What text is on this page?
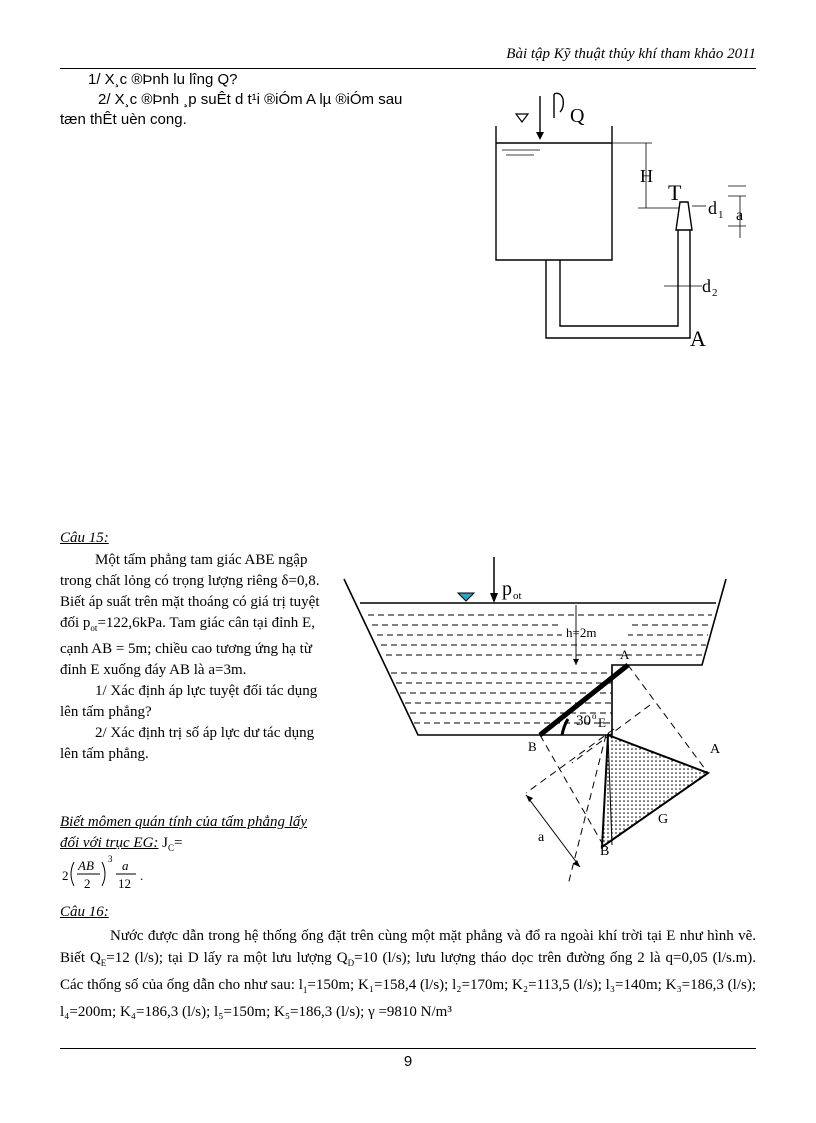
Bài tập Kỹ thuật thủy khí tham khảo 2011
1/ X¸c ®Þnh lu lîng Q?
2/ X¸c ®Þnh ¸p suÊt d t¹i ®iÓm A lµ ®iÓm sau
tæn thÊt uèn cong.	Q
H
T
d 1 a
d 2
A
Câu 15:

Một tấm phẳng tam giác ABE ngập trong chất lỏng có trọng lượng riêng δ=0,8. Biết áp suất trên mặt thoáng có giá trị tuyệt đối $p_{ot}=122,6kPa$. Tam giác cân tại đỉnh E, cạnh AB = 5m; chiều cao tương ứng hạ từ đỉnh E xuống đáy AB là a=3m.

1/ Xác định áp lực tuyệt đối tác dụng lên tấm phẳng?

2/ Xác định trị số áp lực dư tác dụng lên tấm phẳng.

Biết mômen quán tính của tấm phẳng lấy đối với trục EG: $J_C=$
2
AB
2
3 a
12
.
p ot
h=2m
A
30 o E
B	A
G
B
a
Câu 16:
Nước được dẫn trong hệ thống ống đặt trên cùng một mặt phẳng và đổ ra ngoài khí trời tại E như hình vẽ. Biết $Q_E=12$ (l/s); tại D lấy ra một lưu lượng $Q_D=10$ (l/s); lưu lượng tháo dọc trên đường ống 2 là q=0,05 (l/s.m). Các thống số của ống dẫn cho như sau: $l_1=150m$; K₁=158,4 (l/s); l₂=170m; K₂=113,5 (l/s); l₃=140m; K₃=186,3 (l/s); l₄=200m; K₄=186,3 (l/s); l₅=150m; K₅=186,3 (l/s); γ =9810 N/m³
9
